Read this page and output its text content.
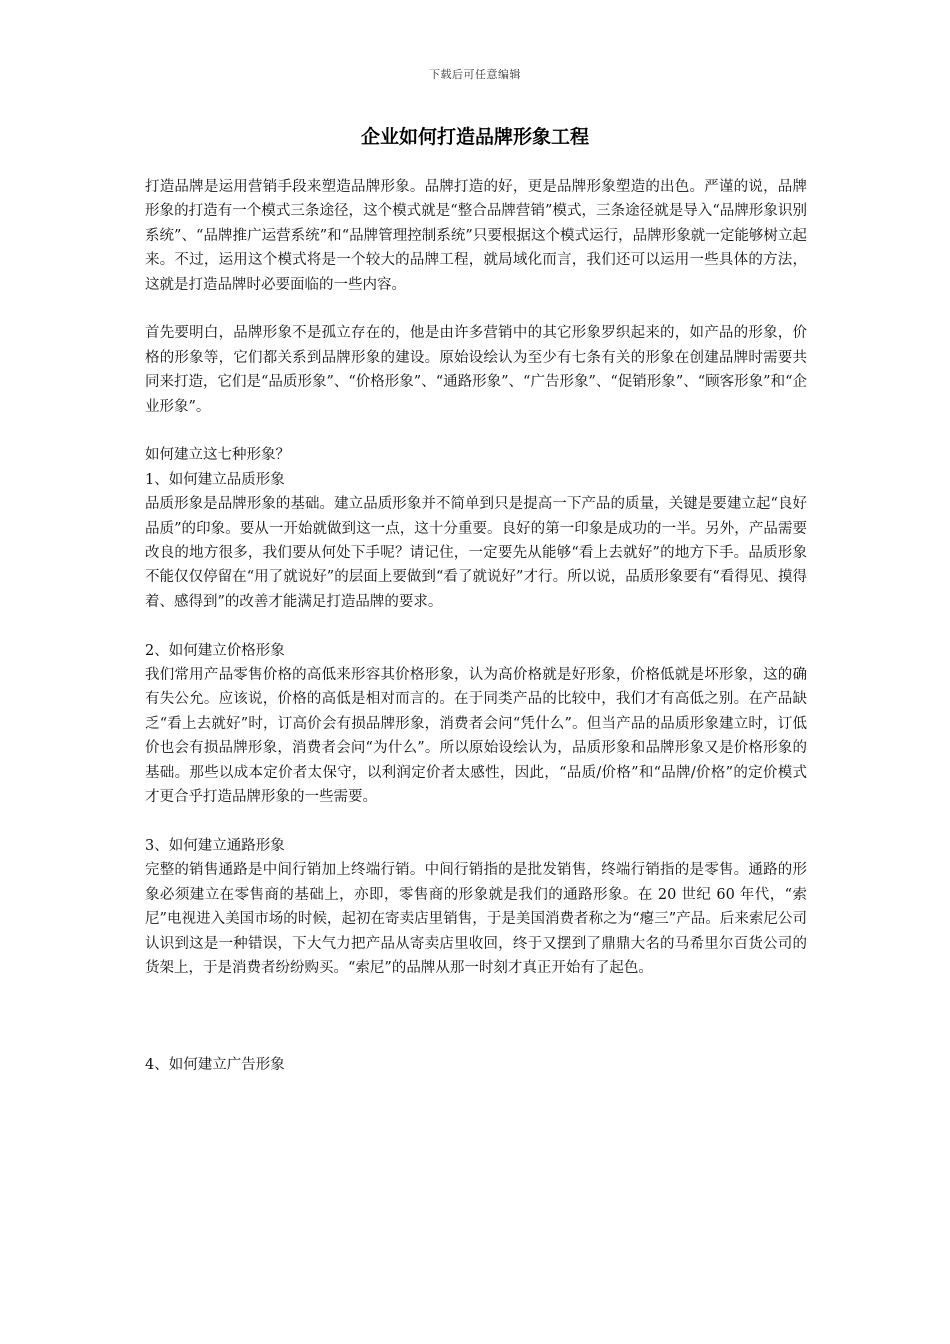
下载后可任意编辑
企业如何打造品牌形象工程

打造品牌是运用营销手段来塑造品牌形象。品牌打造的好，更是品牌形象塑造的出色。严谨的说，品牌形象的打造有一个模式三条途径，这个模式就是“整合品牌营销”模式，三条途径就是导入“品牌形象识别系统”、“品牌推广运营系统”和“品牌管理控制系统”只要根据这个模式运行，品牌形象就一定能够树立起来。不过，运用这个模式将是一个较大的品牌工程，就局域化而言，我们还可以运用一些具体的方法，这就是打造品牌时必要面临的一些内容。

首先要明白，品牌形象不是孤立存在的，他是由许多营销中的其它形象罗织起来的，如产品的形象，价格的形象等，它们都关系到品牌形象的建设。原始设绘认为至少有七条有关的形象在创建品牌时需要共同来打造，它们是“品质形象”、“价格形象”、“通路形象”、“广告形象”、“促销形象”、“顾客形象”和“企业形象”。

如何建立这七种形象？

1、如何建立品质形象

品质形象是品牌形象的基础。建立品质形象并不简单到只是提高一下产品的质量，关键是要建立起“良好品质”的印象。要从一开始就做到这一点，这十分重要。良好的第一印象是成功的一半。另外，产品需要改良的地方很多，我们要从何处下手呢？请记住，一定要先从能够“看上去就好”的地方下手。品质形象不能仅仅停留在“用了就说好”的层面上要做到“看了就说好”才行。所以说，品质形象要有“看得见、摸得着、感得到”的改善才能满足打造品牌的要求。

2、如何建立价格形象

我们常用产品零售价格的高低来形容其价格形象，认为高价格就是好形象，价格低就是坏形象，这的确有失公允。应该说，价格的高低是相对而言的。在于同类产品的比较中，我们才有高低之别。在产品缺乏“看上去就好”时，订高价会有损品牌形象，消费者会问“凭什么”。但当产品的品质形象建立时，订低价也会有损品牌形象，消费者会问“为什么”。所以原始设绘认为，品质形象和品牌形象又是价格形象的基础。那些以成本定价者太保守，以利润定价者太感性，因此，“品质/价格”和“品牌/价格”的定价模式才更合乎打造品牌形象的一些需要。

3、如何建立通路形象

完整的销售通路是中间行销加上终端行销。中间行销指的是批发销售，终端行销指的是零售。通路的形象必须建立在零售商的基础上，亦即，零售商的形象就是我们的通路形象。在 20 世纪 60 年代，“索尼”电视进入美国市场的时候，起初在寄卖店里销售，于是美国消费者称之为“瘪三”产品。后来索尼公司认识到这是一种错误，下大气力把产品从寄卖店里收回，终于又摆到了鼎鼎大名的马希里尔百货公司的货架上，于是消费者纷纷购买。“索尼”的品牌从那一时刻才真正开始有了起色。

4、如何建立广告形象
